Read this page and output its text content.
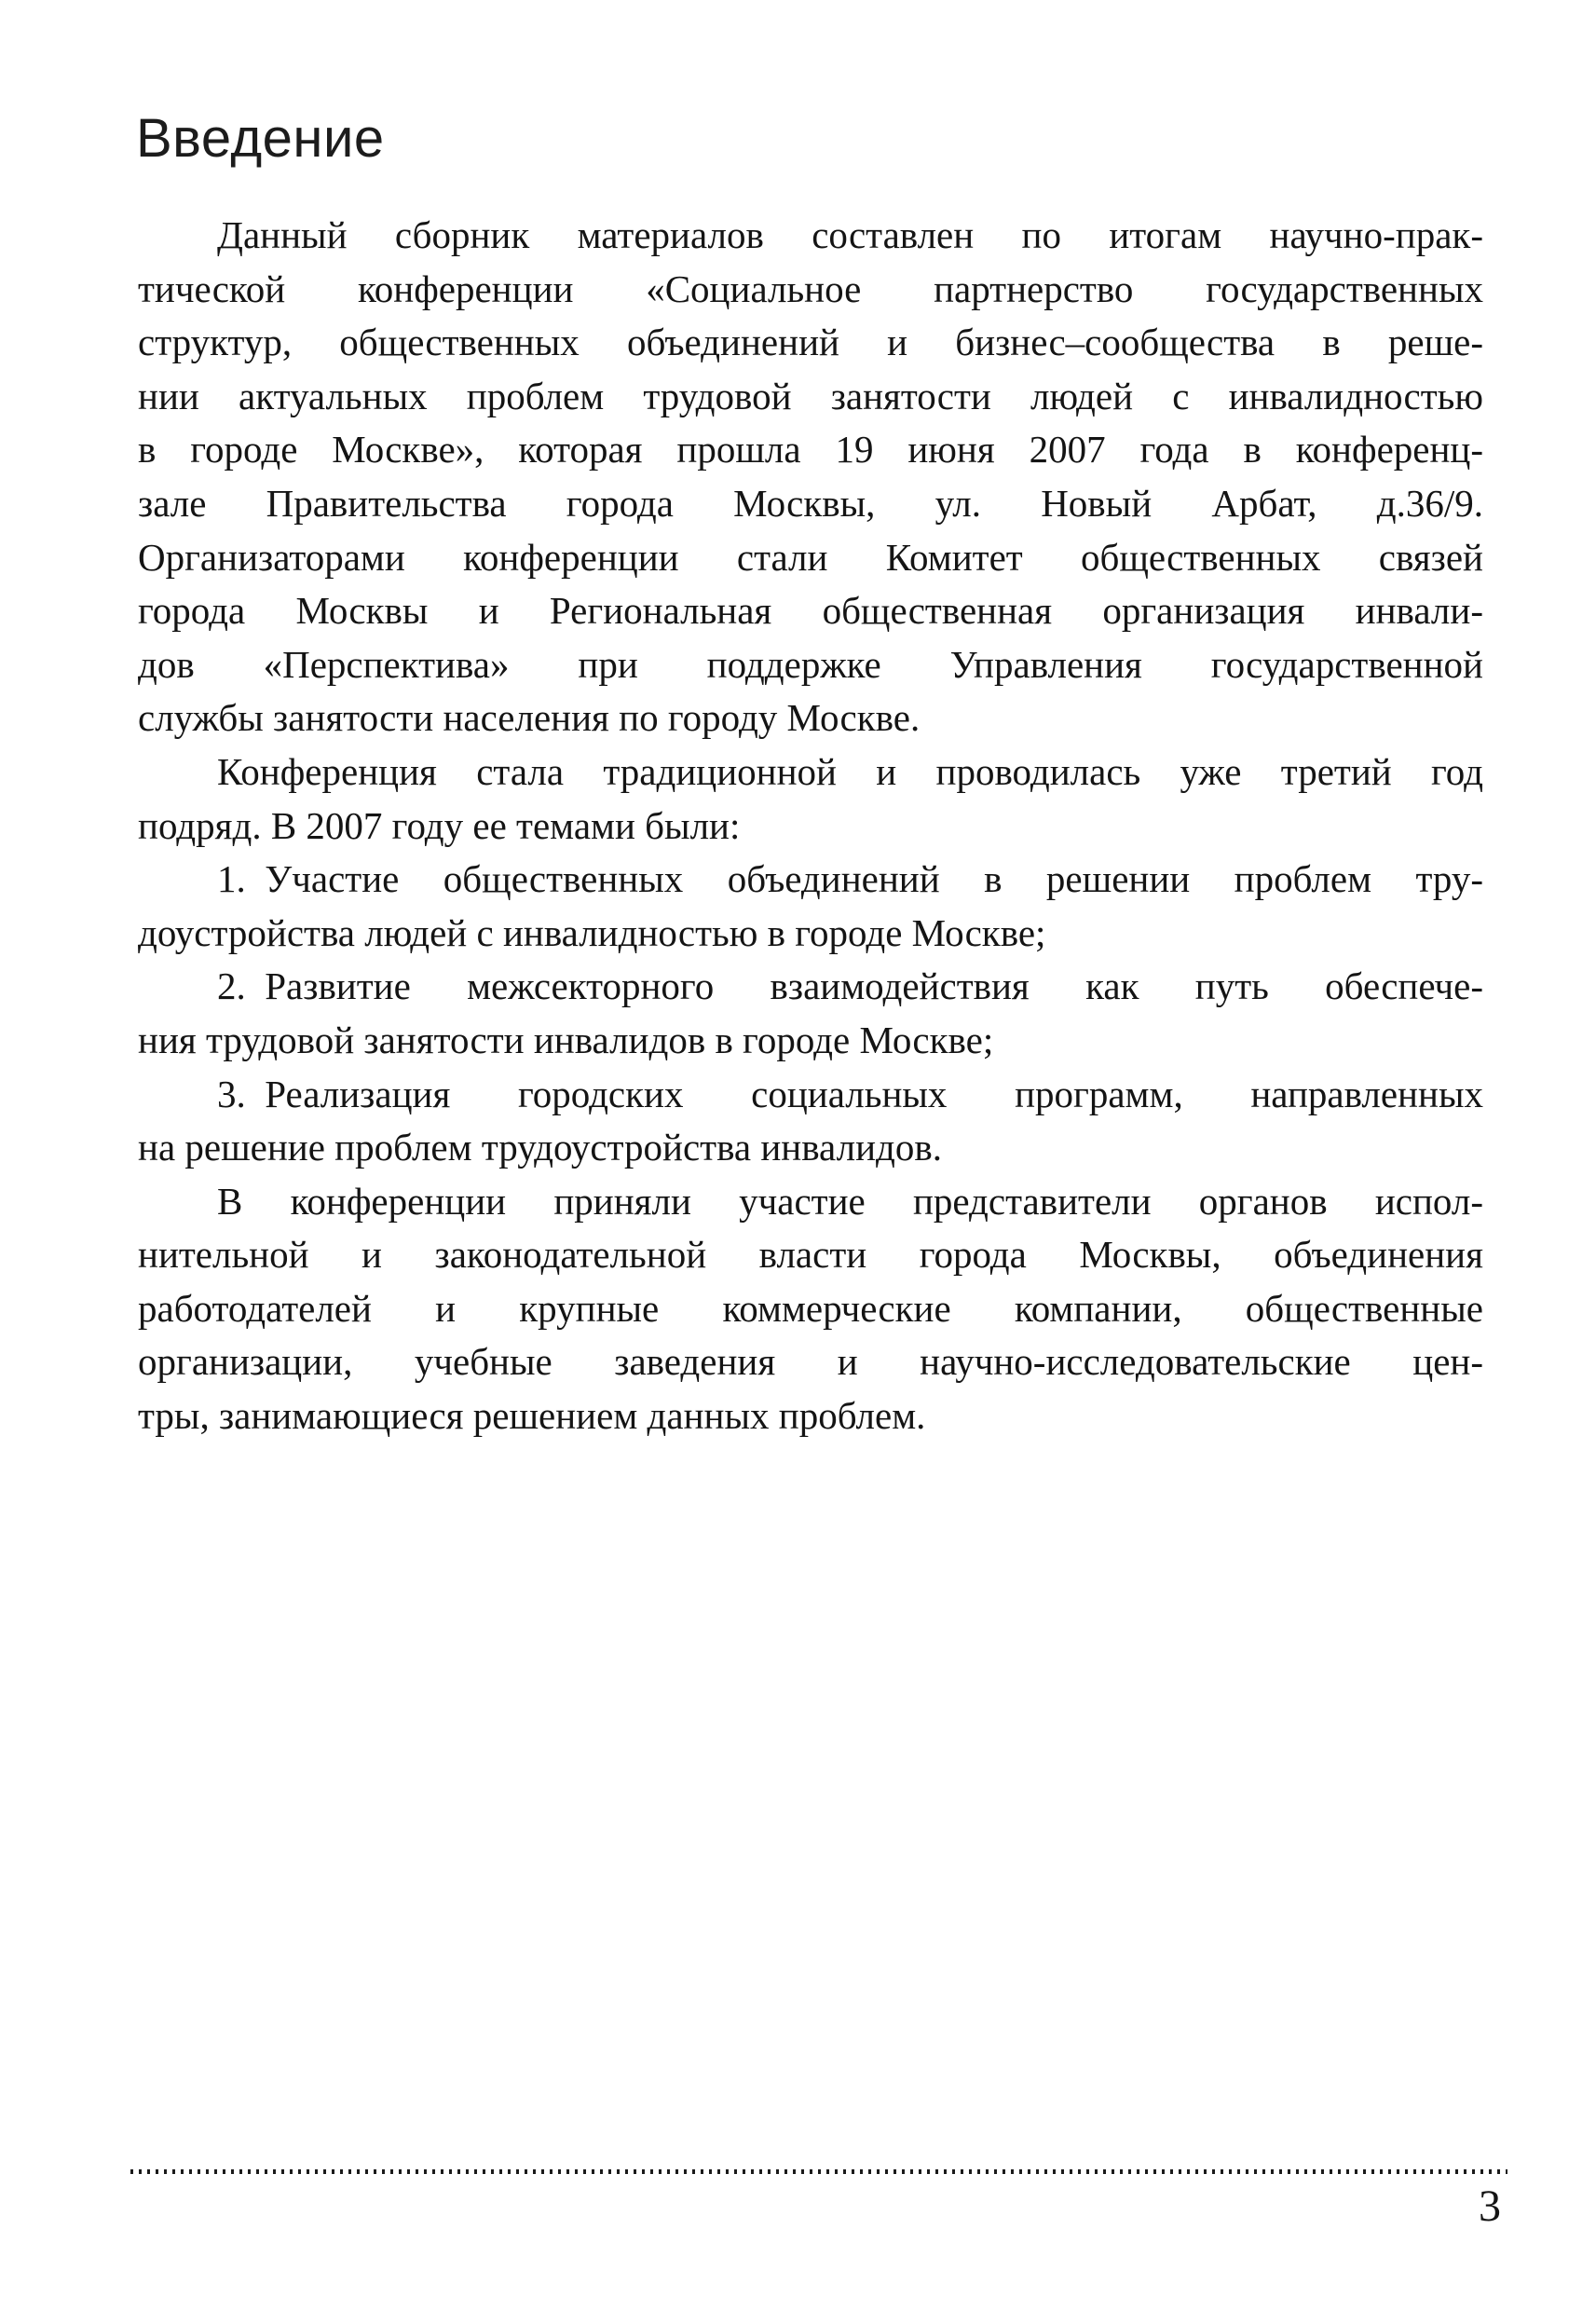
Введение
Данный сборник материалов составлен по итогам научно-прак-
тической конференции «Социальное партнерство государственных
структур, общественных объединений и бизнес–сообщества в реше-
нии актуальных проблем трудовой занятости людей с инвалидностью
в городе Москве», которая прошла 19 июня 2007 года в конференц-
зале Правительства города Москвы, ул. Новый Арбат, д.36/9.
Организаторами конференции стали Комитет общественных связей
города Москвы и Региональная общественная организация инвали-
дов «Перспектива» при поддержке Управления государственной
службы занятости населения по городу Москве.
Конференция стала традиционной и проводилась уже третий год
подряд. В 2007 году ее темами были:
1. Участие общественных объединений в решении проблем тру-
доустройства людей с инвалидностью в городе Москве;
2. Развитие межсекторного взаимодействия как путь обеспече-
ния трудовой занятости инвалидов в городе Москве;
3. Реализация городских социальных программ, направленных
на решение проблем трудоустройства инвалидов.
В конференции приняли участие представители органов испол-
нительной и законодательной власти города Москвы, объединения
работодателей и крупные коммерческие компании, общественные
организации, учебные заведения и научно-исследовательские цен-
тры, занимающиеся решением данных проблем.
3
